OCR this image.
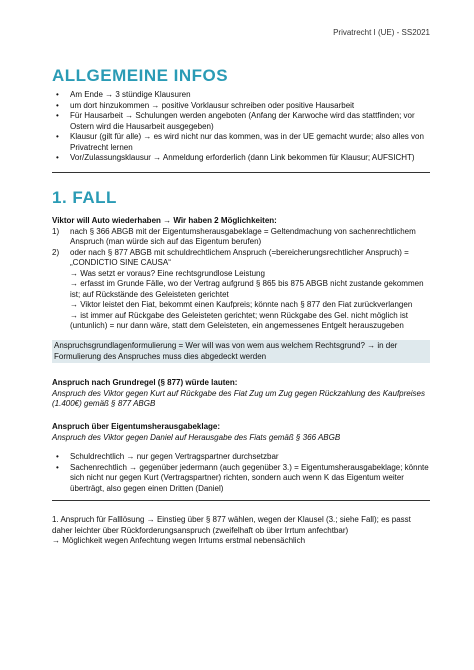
Privatrecht I (UE) - SS2021
ALLGEMEINE INFOS
• Am Ende → 3 stündige Klausuren
• um dort hinzukommen → positive Vorklausur schreiben oder positive Hausarbeit
• Für Hausarbeit → Schulungen werden angeboten (Anfang der Karwoche wird das stattfinden; vor Ostern wird die Hausarbeit ausgegeben)
• Klausur (gilt für alle) → es wird nicht nur das kommen, was in der UE gemacht wurde; also alles von Privatrecht lernen
• Vor/Zulassungsklausur → Anmeldung erforderlich (dann Link bekommen für Klausur; AUFSICHT)
1. FALL
Viktor will Auto wiederhaben → Wir haben 2 Möglichkeiten:
1) nach § 366 ABGB mit der Eigentumsherausgabeklage = Geltendmachung von sachenrechtlichem Anspruch (man würde sich auf das Eigentum berufen)
2) oder nach § 877 ABGB mit schuldrechtlichem Anspruch (=bereicherungsrechtlicher Anspruch) = „CONDICTIO SINE CAUSA“
→ Was setzt er voraus? Eine rechtsgrundlose Leistung
→ erfasst im Grunde Fälle, wo der Vertrag aufgrund § 865 bis 875 ABGB nicht zustande gekommen ist; auf Rückstände des Geleisteten gerichtet
→ Viktor leistet den Fiat, bekommt einen Kaufpreis; könnte nach § 877 den Fiat zurückverlangen
→ ist immer auf Rückgabe des Geleisteten gerichtet; wenn Rückgabe des Gel. nicht möglich ist (untunlich) = nur dann wäre, statt dem Geleisteten, ein angemessenes Entgelt herauszugeben
Anspruchsgrundlagenformulierung = Wer will was von wem aus welchem Rechtsgrund? → in der Formulierung des Anspruches muss dies abgedeckt werden
Anspruch nach Grundregel (§ 877) würde lauten:
Anspruch des Viktor gegen Kurt auf Rückgabe des Fiat Zug um Zug gegen Rückzahlung des Kaufpreises (1.400€) gemäß § 877 ABGB
Anspruch über Eigentumsherausgabeklage:
Anspruch des Viktor gegen Daniel auf Herausgabe des Fiats gemäß § 366 ABGB
• Schuldrechtlich → nur gegen Vertragspartner durchsetzbar
• Sachenrechtlich → gegenüber jedermann (auch gegenüber 3.) = Eigentumsherausgabeklage; könnte sich nicht nur gegen Kurt (Vertragspartner) richten, sondern auch wenn K das Eigentum weiter überträgt, also gegen einen Dritten (Daniel)
1. Anspruch für Falllösung → Einstieg über § 877 wählen, wegen der Klausel (3.; siehe Fall); es passt daher leichter über Rückforderungsanspruch (zweifelhaft ob über Irrtum anfechtbar)
→ Möglichkeit wegen Anfechtung wegen Irrtums erstmal nebensächlich
